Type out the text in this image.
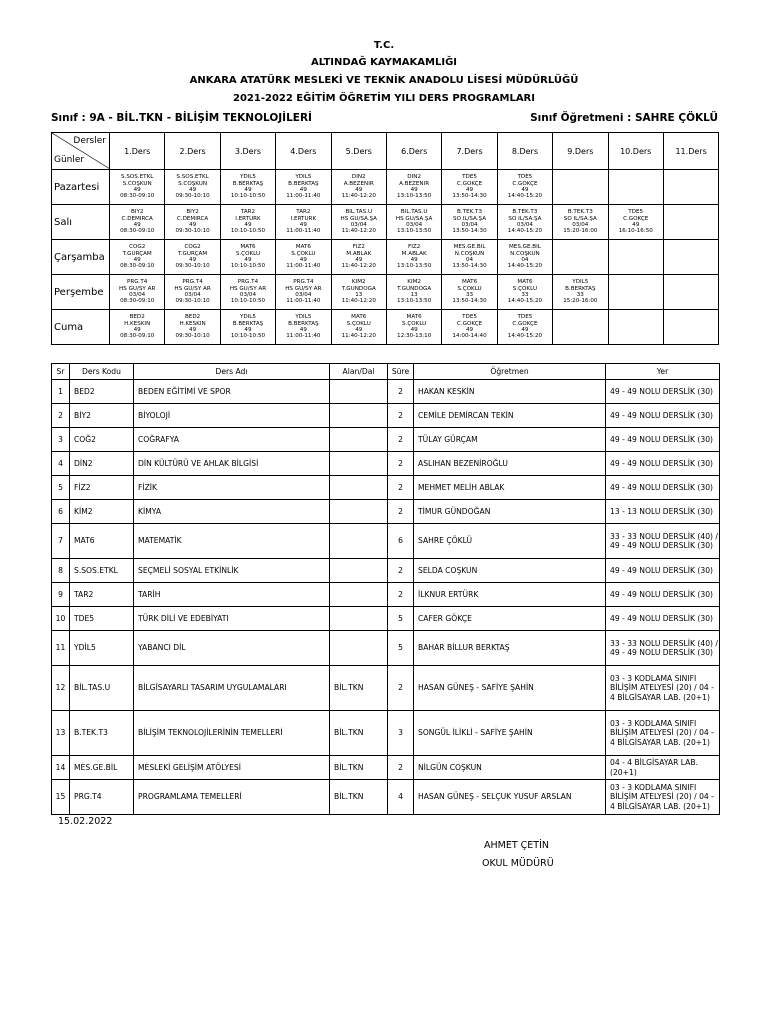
T.C.
ALTINDAĞ KAYMAKAMLIĞI
ANKARA ATATÜRK MESLEKİ VE TEKNİK ANADOLU LİSESİ MÜDÜRLÜĞÜ
2021-2022 EĞİTİM ÖĞRETİM YILI DERS PROGRAMLARI
Sınıf : 9A - BİL.TKN - BİLİŞİM TEKNOLOJİLERİ	Sınıf Öğretmeni : SAHRE ÇÖKLÜ
Dersler
Günler	1.Ders	2.Ders	3.Ders	4.Ders	5.Ders	6.Ders	7.Ders	8.Ders	9.Ders	10.Ders	11.Ders
Pazartesi	S.SOS.ETKL
S.COŞKUN
49
08:30-09:10	S.SOS.ETKL
S.COŞKUN
49
09:30-10:10	YDİL5
B.BERKTAŞ
49
10:10-10:50	YDİL5
B.BERKTAŞ
49
11:00-11:40	DİN2
A.BEZENİR
49
11:40-12:20	DİN2
A.BEZENİR
49
13:10-13:50	TDE5
C.GÖKÇE
49
13:50-14:30	TDE5
C.GÖKÇE
49
14:40-15:20			

Salı	BİY2
C.DEMİRCA
49
08:30-09:10	BİY2
C.DEMİRCA
49
09:30-10:10	TAR2
İ.ERTÜRK
49
10:10-10:50	TAR2
İ.ERTÜRK
49
11:00-11:40	BİL.TAS.U
HS GÜ/SA.ŞA
03/04
11:40-12:20	BİL.TAS.U
HS GÜ/SA.ŞA
03/04
13:10-13:50	B.TEK.T3
SO İL/SA.ŞA
03/04
13:50-14:30	B.TEK.T3
SO İL/SA.ŞA
03/04
14:40-15:20	B.TEK.T3
SO İL/SA.ŞA
03/04
15:20-16:00	TDE5
C.GÖKÇE
49
16:10-16:50	

Çarşamba	COĞ2
T.GÜRÇAM
49
08:30-09:10	COĞ2
T.GÜRÇAM
49
09:30-10:10	MAT6
S.ÇÖKLÜ
49
10:10-10:50	MAT6
S.ÇÖKLÜ
49
11:00-11:40	FİZ2
M.ABLAK
49
11:40-12:20	FİZ2
M.ABLAK
49
13:10-13:50	MES.GE.BİL
N.COŞKUN
04
13:50-14:30	MES.GE.BİL
N.COŞKUN
04
14:40-15:20			

Perşembe	PRG.T4
HS GÜ/SY AR
03/04
08:30-09:10	PRG.T4
HS GÜ/SY AR
03/04
09:30-10:10	PRG.T4
HS GÜ/SY AR
03/04
10:10-10:50	PRG.T4
HS GÜ/SY AR
03/04
11:00-11:40	KİM2
T.GÜNDOĞA
13
11:40-12:20	KİM2
T.GÜNDOĞA
13
13:10-13:50	MAT6
S.ÇÖKLÜ
33
13:50-14:30	MAT6
S.ÇÖKLÜ
33
14:40-15:20	YDİL5
B.BERKTAŞ
33
15:20-16:00		

Cuma	BED2
H.KESKİN
49
08:30-09:10	BED2
H.KESKİN
49
09:30-10:10	YDİL5
B.BERKTAŞ
49
10:10-10:50	YDİL5
B.BERKTAŞ
49
11:00-11:40	MAT6
S.ÇÖKLÜ
49
11:40-12:20	MAT6
S.ÇÖKLÜ
49
12:30-13:10	TDE5
C.GÖKÇE
49
14:00-14:40	TDE5
C.GÖKÇE
49
14:40-15:20			

Sr	Ders Kodu	Ders Adı	Alan/Dal	Süre	Öğretmen	Yer
1	BED2	BEDEN EĞİTİMİ VE SPOR		2	HAKAN KESKİN	49 - 49 NOLU DERSLİK (30)
2	BİY2	BİYOLOJİ		2	CEMİLE DEMİRCAN TEKİN	49 - 49 NOLU DERSLİK (30)
3	COĞ2	COĞRAFYA		2	TÜLAY GÜRÇAM	49 - 49 NOLU DERSLİK (30)
4	DİN2	DİN KÜLTÜRÜ VE AHLAK BİLGİSİ		2	ASLIHAN BEZENİROĞLU	49 - 49 NOLU DERSLİK (30)
5	FİZ2	FİZİK		2	MEHMET MELİH ABLAK	49 - 49 NOLU DERSLİK (30)
6	KİM2	KİMYA		2	TİMUR GÜNDOĞAN	13 - 13 NOLU DERSLİK (30)
7	MAT6	MATEMATİK		6	SAHRE ÇÖKLÜ	33 - 33 NOLU DERSLİK (40) / 49 - 49 NOLU DERSLİK (30)
8	S.SOS.ETKL	SEÇMELİ SOSYAL ETKİNLİK		2	SELDA COŞKUN	49 - 49 NOLU DERSLİK (30)
9	TAR2	TARİH		2	İLKNUR ERTÜRK	49 - 49 NOLU DERSLİK (30)
10	TDE5	TÜRK DİLİ VE EDEBİYATI		5	CAFER GÖKÇE	49 - 49 NOLU DERSLİK (30)
11	YDİL5	YABANCI DİL		5	BAHAR BİLLUR BERKTAŞ	33 - 33 NOLU DERSLİK (40) / 49 - 49 NOLU DERSLİK (30)
12	BİL.TAS.U	BİLGİSAYARLI TASARIM UYGULAMALARI	BİL.TKN	2	HASAN GÜNEŞ - SAFİYE ŞAHİN	03 - 3 KODLAMA SINIFI BİLİŞİM ATELYESİ (20) / 04 - 4 BİLGİSAYAR LAB. (20+1)
13	B.TEK.T3	BİLİŞİM TEKNOLOJİLERİNİN TEMELLERİ	BİL.TKN	3	SONGÜL İLİKLİ - SAFİYE ŞAHİN	03 - 3 KODLAMA SINIFI BİLİŞİM ATELYESİ (20) / 04 - 4 BİLGİSAYAR LAB. (20+1)
14	MES.GE.BİL	MESLEKİ GELİŞİM ATÖLYESİ	BİL.TKN	2	NİLGÜN COŞKUN	04 - 4 BİLGİSAYAR LAB. (20+1)
15	PRG.T4	PROGRAMLAMA TEMELLERİ	BİL.TKN	4	HASAN GÜNEŞ - SELÇUK YUSUF ARSLAN	03 - 3 KODLAMA SINIFI BİLİŞİM ATELYESİ (20) / 04 - 4 BİLGİSAYAR LAB. (20+1)
15.02.2022
AHMET ÇETİN
OKUL MÜDÜRÜ
